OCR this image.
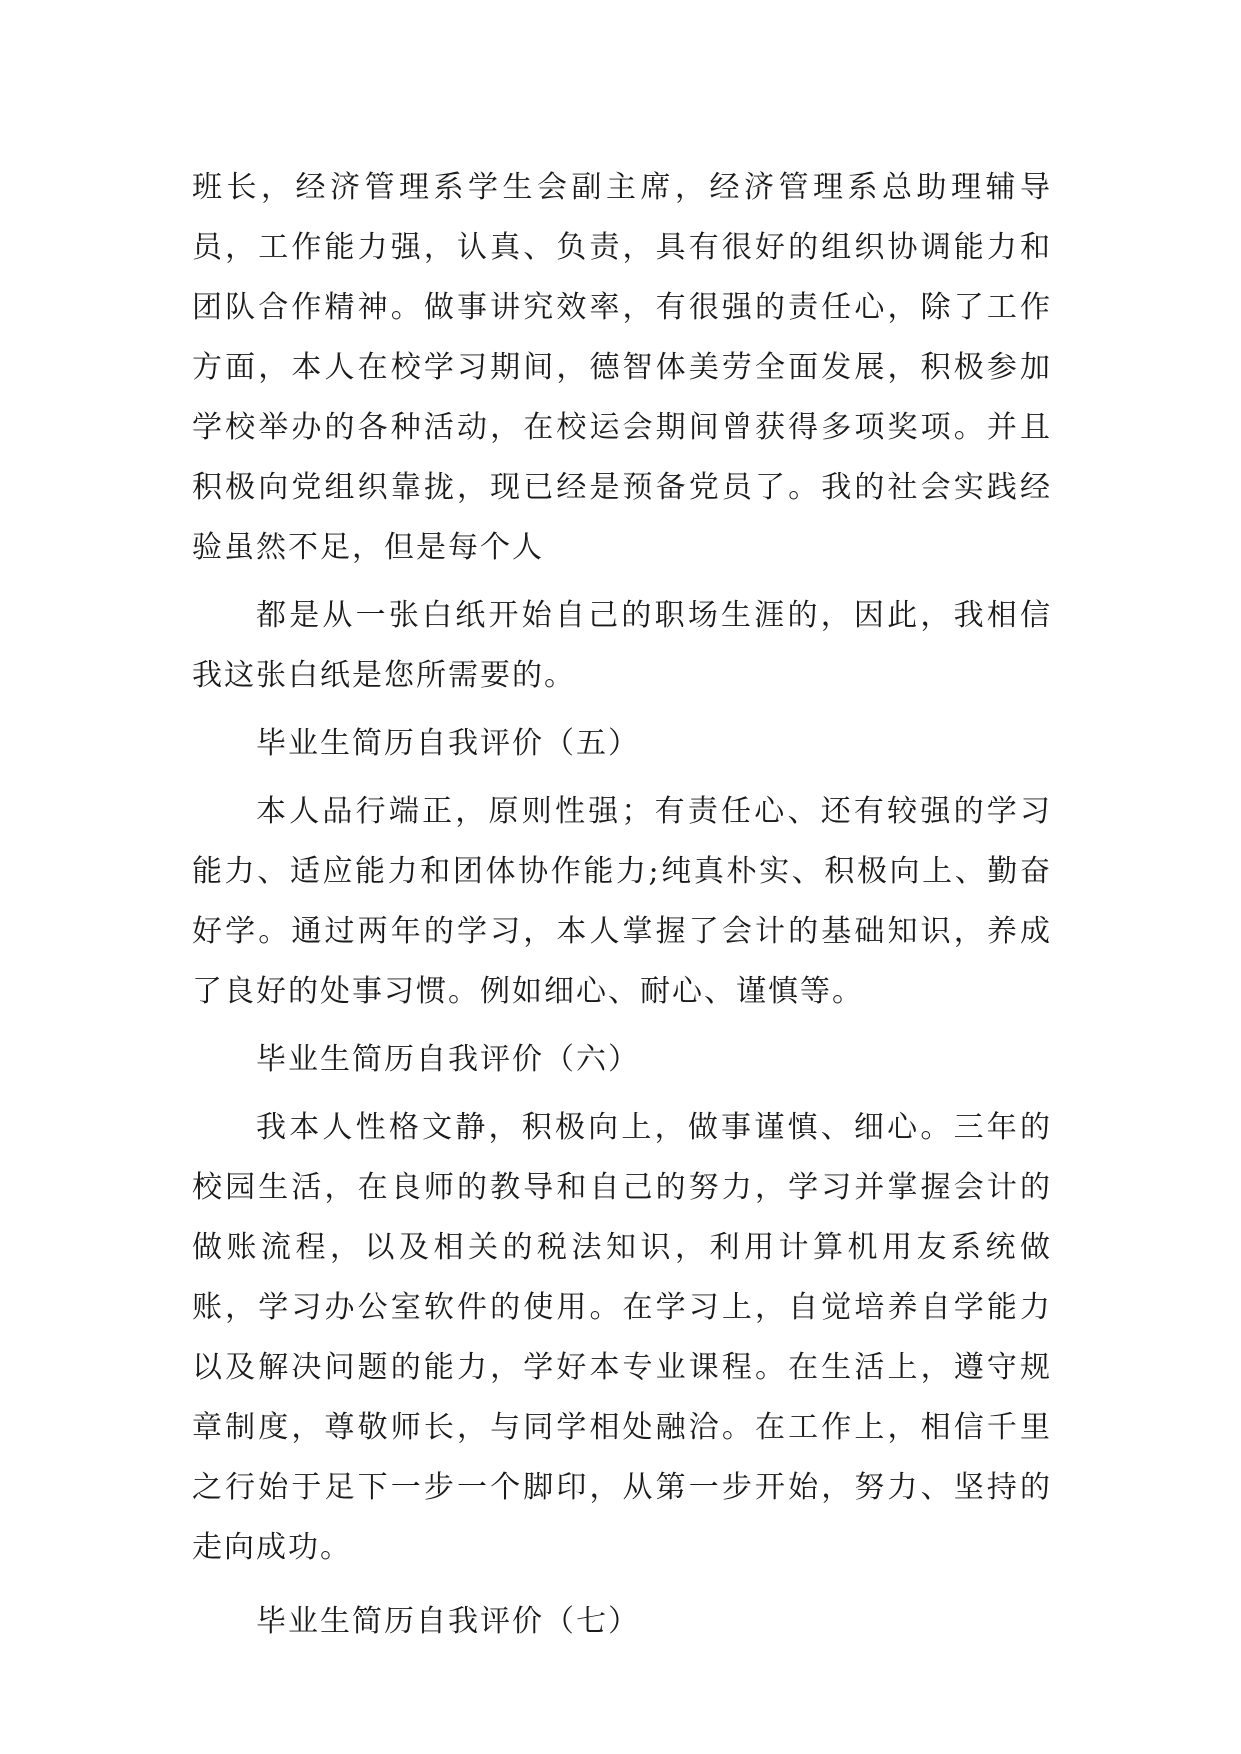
班长，经济管理系学生会副主席，经济管理系总助理辅导员，工作能力强，认真、负责，具有很好的组织协调能力和团队合作精神。做事讲究效率，有很强的责任心，除了工作方面，本人在校学习期间，德智体美劳全面发展，积极参加学校举办的各种活动，在校运会期间曾获得多项奖项。并且积极向党组织靠拢，现已经是预备党员了。我的社会实践经验虽然不足，但是每个人

都是从一张白纸开始自己的职场生涯的，因此，我相信我这张白纸是您所需要的。

毕业生简历自我评价（五）

本人品行端正，原则性强；有责任心、还有较强的学习能力、适应能力和团体协作能力;纯真朴实、积极向上、勤奋好学。通过两年的学习，本人掌握了会计的基础知识，养成了良好的处事习惯。例如细心、耐心、谨慎等。

毕业生简历自我评价（六）

我本人性格文静，积极向上，做事谨慎、细心。三年的校园生活，在良师的教导和自己的努力，学习并掌握会计的做账流程，以及相关的税法知识，利用计算机用友系统做账，学习办公室软件的使用。在学习上，自觉培养自学能力以及解决问题的能力，学好本专业课程。在生活上，遵守规章制度，尊敬师长，与同学相处融洽。在工作上，相信千里之行始于足下一步一个脚印，从第一步开始，努力、坚持的走向成功。

毕业生简历自我评价（七）
